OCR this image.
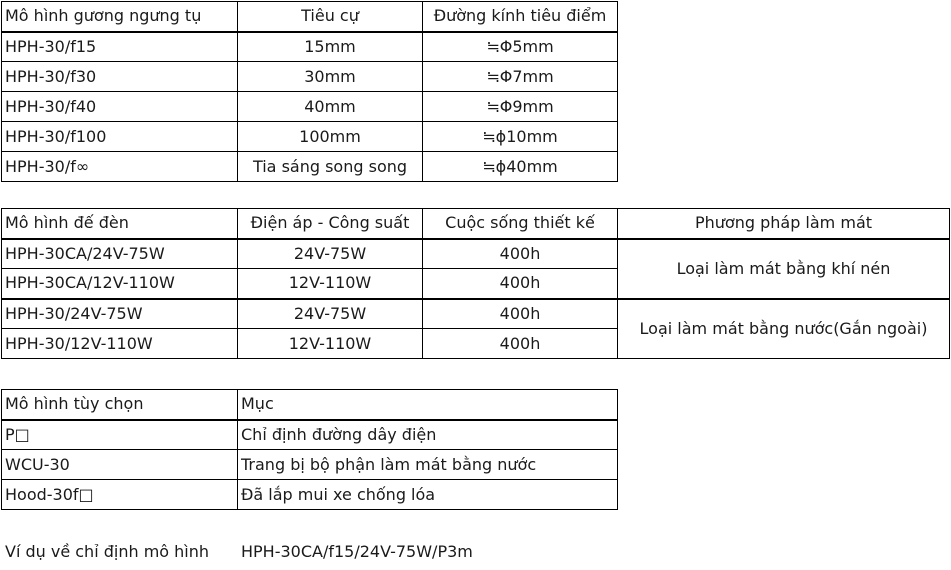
Mô hình gương ngưng tụ	Tiêu cự	Đường kính tiêu điểm
HPH-30/f15	15mm	≒Φ5mm
HPH-30/f30	30mm	≒Φ7mm
HPH-30/f40	40mm	≒Φ9mm
HPH-30/f100	100mm	≒ϕ10mm
HPH-30/f∞	Tia sáng song song	≒ϕ40mm
Mô hình đế đèn	Điện áp - Công suất	Cuộc sống thiết kế	Phương pháp làm mát
HPH-30CA/24V-75W	24V-75W	400h	Loại làm mát bằng khí nén
HPH-30CA/12V-110W	12V-110W	400h	
HPH-30/24V-75W	24V-75W	400h	Loại làm mát bằng nước(Gắn ngoài)
HPH-30/12V-110W	12V-110W	400h	
Mô hình tùy chọn	Mục
P□	Chỉ định đường dây điện
WCU-30	Trang bị bộ phận làm mát bằng nước
Hood-30f□	Đã lắp mui xe chống lóa
Ví dụ về chỉ định mô hình HPH-30CA/f15/24V-75W/P3m
